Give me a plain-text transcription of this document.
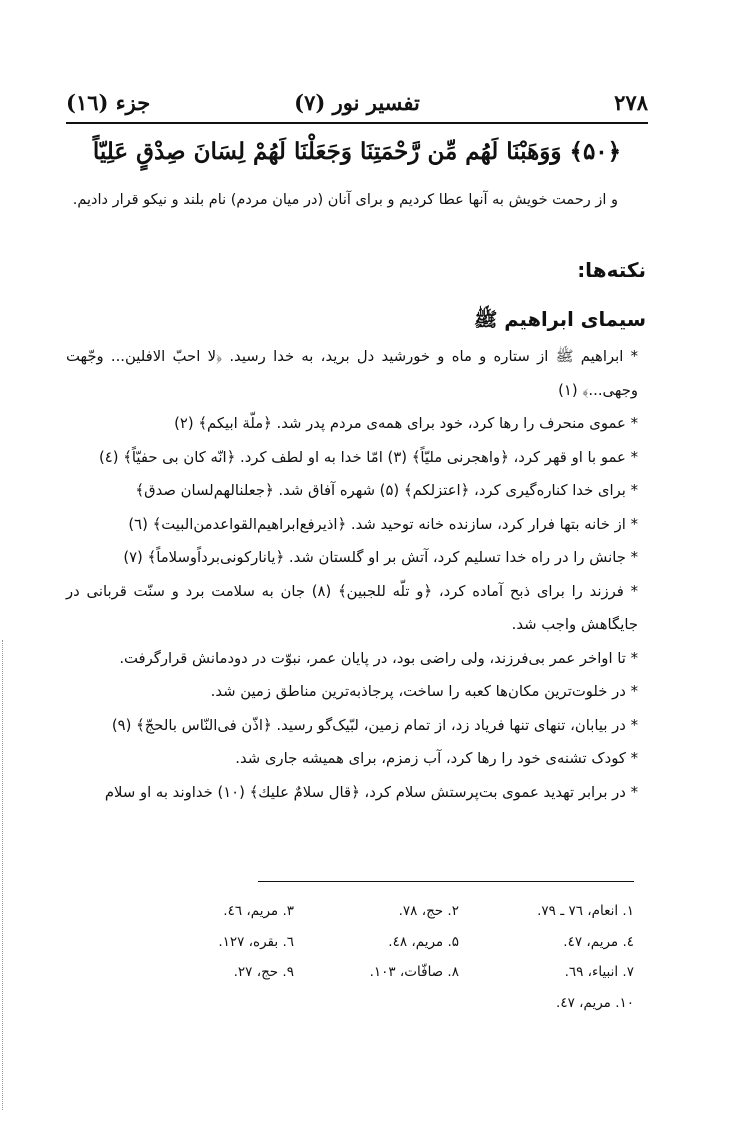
۲۷۸
تفسیر نور (۷)
جزء (۱٦)
﴿۵۰﴾ وَوَهَبْنَا لَهُم مِّن رَّحْمَتِنَا وَجَعَلْنَا لَهُمْ لِسَانَ صِدْقٍ عَلِيّاً
و از رحمت خویش به آنها عطا کردیم و برای آنان (در میان مردم) نام بلند و نیکو قرار دادیم.
نکته‌ها:
سیمای ابراهیم ﷺ
* ابراهیم ﷺ از ستاره و ماه و خورشید دل برید، به خدا رسید. ﴿لا احبّ الافلین... وجّهت وجهی...﴾ (۱)
* عموی منحرف را رها کرد، خود برای همه‌ی مردم پدر شد. ﴿ملّة ابیکم﴾ (۲)
* عمو با او قهر کرد، ﴿واهجرنی ملیّاً﴾ (۳) امّا خدا به او لطف کرد. ﴿انّه کان بی حفیّاً﴾ (٤)
* برای خدا کناره‌گیری کرد، ﴿اعتزلکم﴾ (۵) شهره آفاق شد. ﴿جعلنالهم‌لسان صدق﴾
* از خانه بتها فرار کرد، سازنده خانه توحید شد. ﴿اذیرفع‌ابراهیم‌القواعدمن‌البیت﴾ (٦)
* جانش را در راه خدا تسلیم کرد، آتش بر او گلستان شد. ﴿یانارکونی‌برداًوسلاماً﴾ (۷)
* فرزند را برای ذبح آماده کرد، ﴿و تلّه للجبین﴾ (۸) جان به سلامت برد و سنّت قربانی در جایگاهش واجب شد.
* تا اواخر عمر بی‌فرزند، ولی راضی بود، در پایان عمر، نبوّت در دودمانش قرارگرفت.
* در خلوت‌ترین مکان‌ها کعبه را ساخت، پرجاذبه‌ترین مناطق زمین شد.
* در بیابان، تنهای تنها فریاد زد، از تمام زمین، لبّیک‌گو رسید. ﴿اذّن فی‌النّاس بالحجّ﴾ (۹)
* کودک تشنه‌ی خود را رها کرد، آب زمزم، برای همیشه جاری شد.
* در برابر تهدید عموی بت‌پرستش سلام کرد، ﴿قال سلامٌ علیك﴾ (۱۰) خداوند به او سلام
۱. انعام، ۷٦ ـ ۷۹.
۲. حج، ۷۸.
۳. مریم، ٤٦.
٤. مریم، ٤۷.
۵. مریم، ٤۸.
٦. بقره، ۱۲۷.
۷. انبیاء، ٦۹.
۸. صافّات، ۱۰۳.
۹. حج، ۲۷.
۱۰. مریم، ٤۷.
